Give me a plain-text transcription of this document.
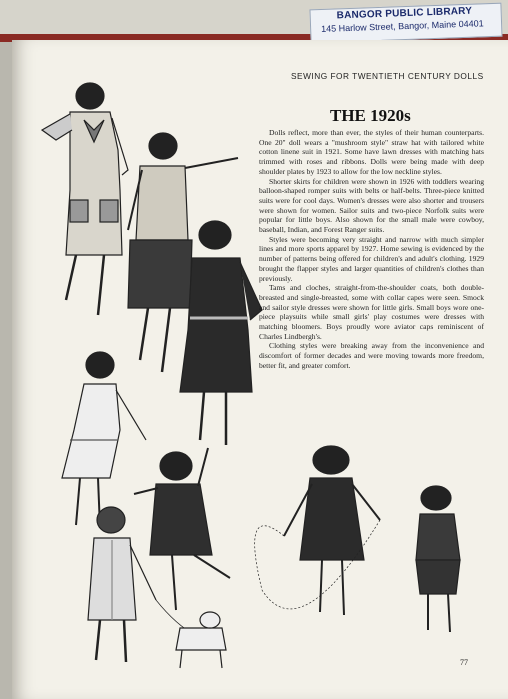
BANGOR PUBLIC LIBRARY
145 Harlow Street, Bangor, Maine 04401
SEWING FOR TWENTIETH CENTURY DOLLS
THE 1920s

Dolls reflect, more than ever, the styles of their human counterparts. One 20" doll wears a "mushroom style" straw hat with tailored white cotton linene suit in 1921. Some have lawn dresses with matching hats trimmed with roses and ribbons. Dolls were being made with deep shoulder plates by 1923 to allow for the low neckline styles.

Shorter skirts for children were shown in 1926 with toddlers wearing balloon-shaped romper suits with belts or half-belts. Three-piece knitted suits were for cool days. Women's dresses were also shorter and trousers were shown for women. Sailor suits and two-piece Norfolk suits were popular for little boys. Also shown for the small male were cowboy, baseball, Indian, and Forest Ranger suits.

Styles were becoming very straight and narrow with much simpler lines and more sports apparel by 1927. Home sewing is evidenced by the number of patterns being offered for children's and adult's clothing. 1929 brought the flapper styles and larger quantities of children's clothes than previously.

Tams and cloches, straight-from-the-shoulder coats, both double-breasted and single-breasted, some with collar capes were seen. Smock and sailor style dresses were shown for little girls. Small boys wore one-piece playsuits while small girls' play costumes were dresses with matching bloomers. Boys proudly wore aviator caps reminiscent of Charles Lindbergh's.

Clothing styles were breaking away from the inconvenience and discomfort of former decades and were moving towards more freedom, better fit, and greater comfort.

77
